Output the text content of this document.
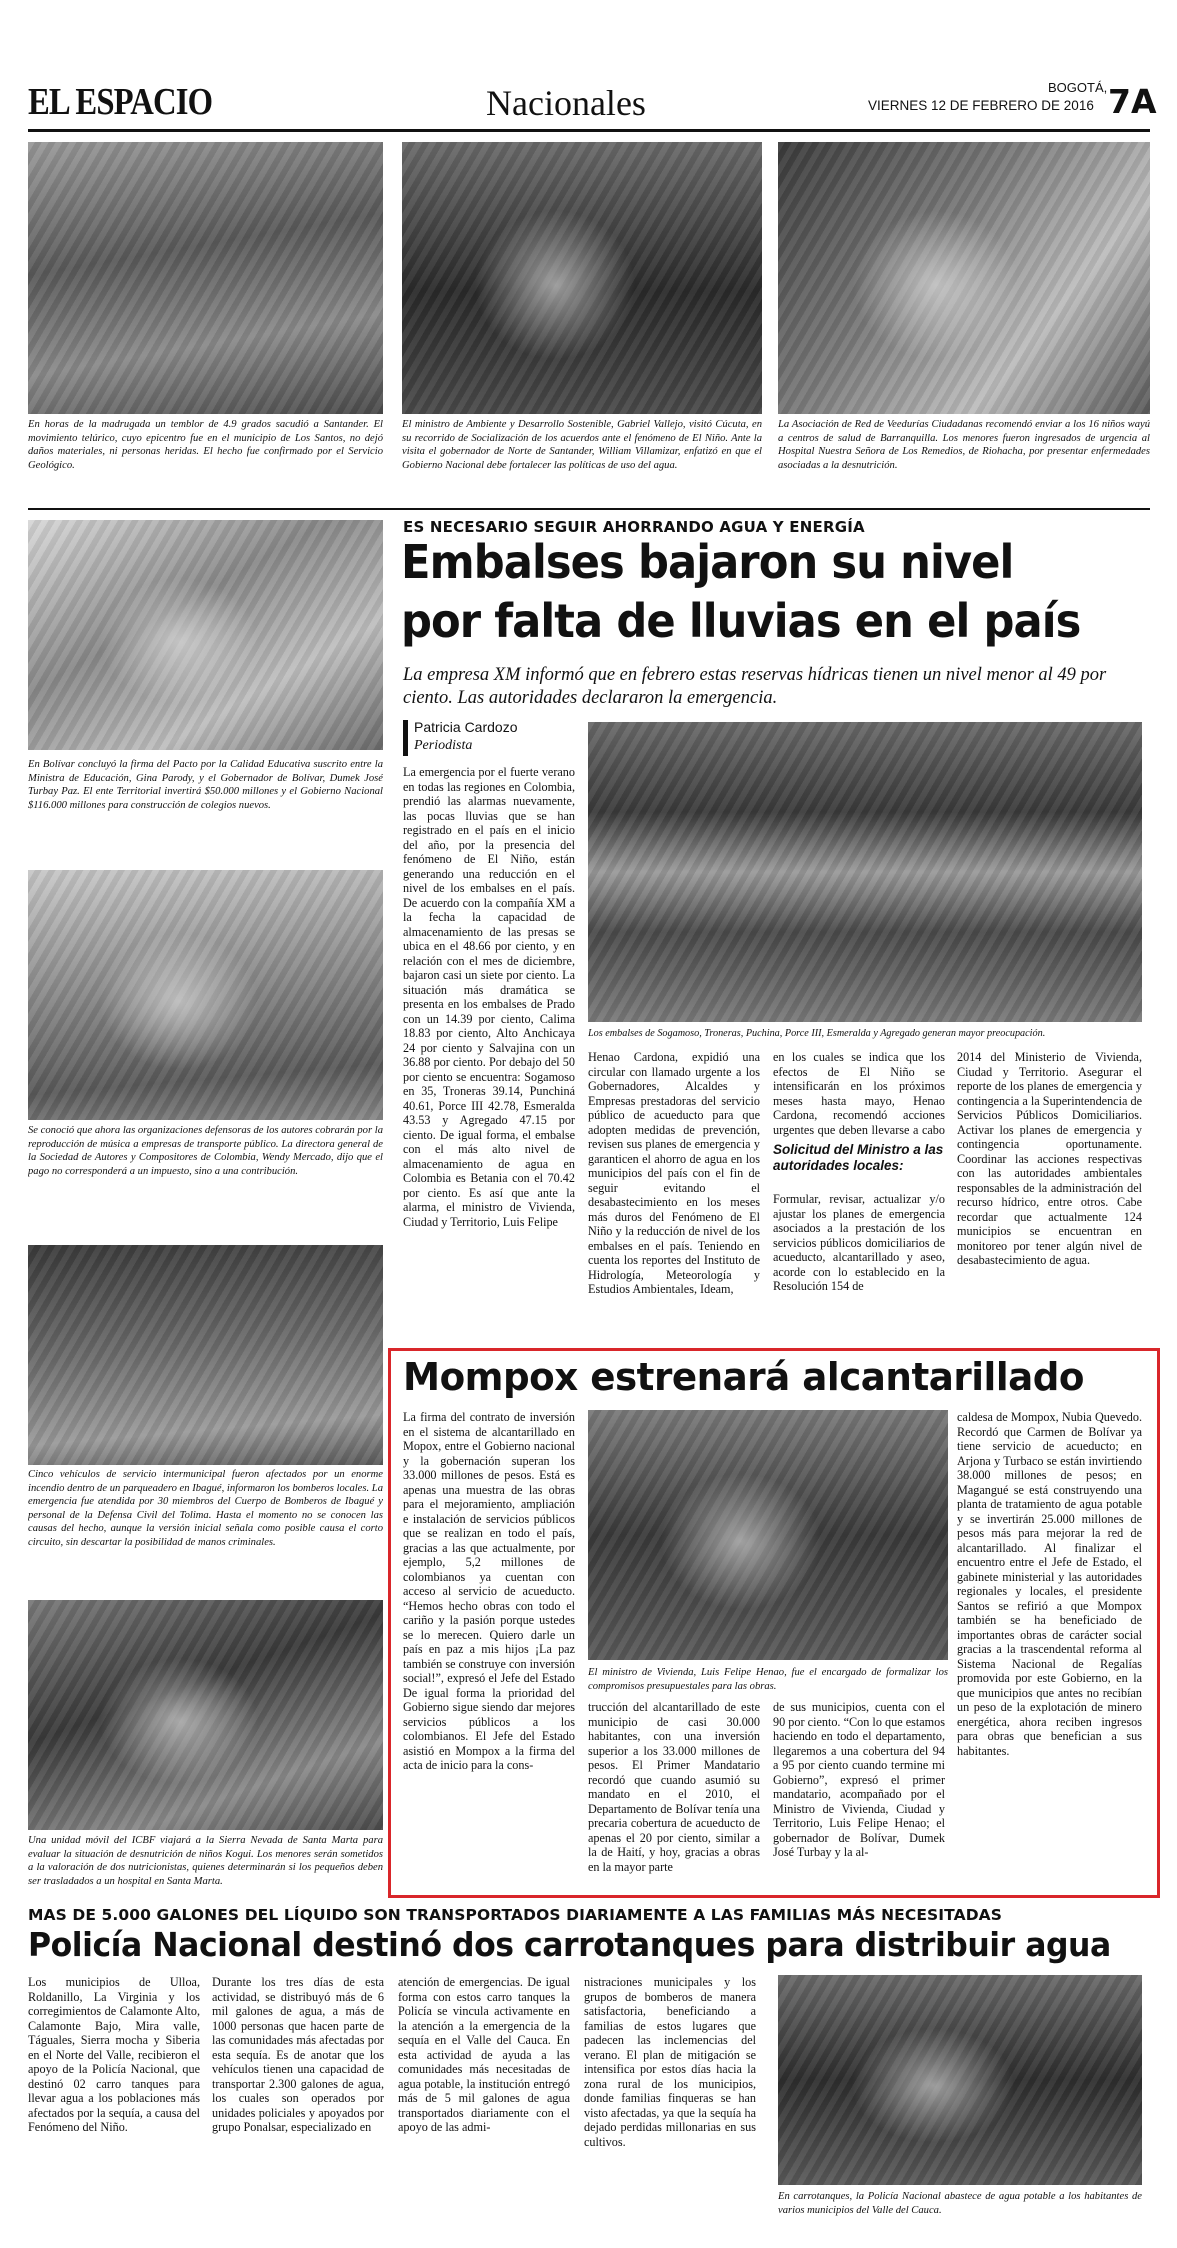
EL ESPACIO	Nacionales	BOGOTÁ,
VIERNES 12 DE FEBRERO DE 2016 7A
En horas de la madrugada un temblor de 4.9 grados sacudió a Santander. El movimiento telúrico, cuyo epicentro fue en el municipio de Los Santos, no dejó daños materiales, ni personas heridas. El hecho fue confirmado por el Servicio Geológico.
El ministro de Ambiente y Desarrollo Sostenible, Gabriel Vallejo, visitó Cúcuta, en su recorrido de Socialización de los acuerdos ante el fenómeno de El Niño. Ante la visita el gobernador de Norte de Santander, William Villamizar, enfatizó en que el Gobierno Nacional debe fortalecer las políticas de uso del agua.
La Asociación de Red de Veedurías Ciudadanas recomendó enviar a los 16 niños wayú a centros de salud de Barranquilla. Los menores fueron ingresados de urgencia al Hospital Nuestra Señora de Los Remedios, de Riohacha, por presentar enfermedades asociadas a la desnutrición.
En Bolívar concluyó la firma del Pacto por la Calidad Educativa suscrito entre la Ministra de Educación, Gina Parody, y el Gobernador de Bolívar, Dumek José Turbay Paz. El ente Territorial invertirá $50.000 millones y el Gobierno Nacional $116.000 millones para construcción de colegios nuevos.
Se conoció que ahora las organizaciones defensoras de los autores cobrarán por la reproducción de música a empresas de transporte público. La directora general de la Sociedad de Autores y Compositores de Colombia, Wendy Mercado, dijo que el pago no corresponderá a un impuesto, sino a una contribución.
Cinco vehículos de servicio intermunicipal fueron afectados por un enorme incendio dentro de un parqueadero en Ibagué, informaron los bomberos locales. La emergencia fue atendida por 30 miembros del Cuerpo de Bomberos de Ibagué y personal de la Defensa Civil del Tolima. Hasta el momento no se conocen las causas del hecho, aunque la versión inicial señala como posible causa el corto circuito, sin descartar la posibilidad de manos criminales.
Una unidad móvil del ICBF viajará a la Sierra Nevada de Santa Marta para evaluar la situación de desnutrición de niños Kogui. Los menores serán sometidos a la valoración de dos nutricionistas, quienes determinarán si los pequeños deben ser trasladados a un hospital en Santa Marta.
ES NECESARIO SEGUIR AHORRANDO AGUA Y ENERGÍA
Embalses bajaron su nivel
por falta de lluvias en el país
La empresa XM informó que en febrero estas reservas hídricas tienen un nivel menor al 49 por ciento. Las autoridades declararon la emergencia.
Patricia Cardozo
Periodista
Los embalses de Sogamoso, Troneras, Puchina, Porce III, Esmeralda y Agregado generan mayor preocupación.
La emergencia por el fuerte verano en todas las regiones en Colombia, prendió las alarmas nuevamente, las pocas lluvias que se han registrado en el país en el inicio del año, por la presencia del fenómeno de El Niño, están generando una reducción en el nivel de los embalses en el país. De acuerdo con la compañía XM a la fecha la capacidad de almacenamiento de las presas se ubica en el 48.66 por ciento, y en relación con el mes de diciembre, bajaron casi un siete por ciento. La situación más dramática se presenta en los embalses de Prado con un 14.39 por ciento, Calima 18.83 por ciento, Alto Anchicaya 24 por ciento y Salvajina con un 36.88 por ciento. Por debajo del 50 por ciento se encuentra: Sogamoso en 35, Troneras 39.14, Punchiná 40.61, Porce III 42.78, Esmeralda 43.53 y Agregado 47.15 por ciento. De igual forma, el embalse con el más alto nivel de almacenamiento de agua en Colombia es Betania con el 70.42 por ciento. Es así que ante la alarma, el ministro de Vivienda, Ciudad y Territorio, Luis Felipe
Henao Cardona, expidió una circular con llamado urgente a los Gobernadores, Alcaldes y Empresas prestadoras del servicio público de acueducto para que adopten medidas de prevención, revisen sus planes de emergencia y garanticen el ahorro de agua en los municipios del país con el fin de seguir evitando el desabastecimiento en los meses más duros del Fenómeno de El Niño y la reducción de nivel de los embalses en el país. Teniendo en cuenta los reportes del Instituto de Hidrología, Meteorología y Estudios Ambientales, Ideam,
en los cuales se indica que los efectos de El Niño se intensificarán en los próximos meses hasta mayo, Henao Cardona, recomendó acciones urgentes que deben llevarse a cabo
Solicitud del Ministro a las autoridades locales:
Formular, revisar, actualizar y/o ajustar los planes de emergencia asociados a la prestación de los servicios públicos domiciliarios de acueducto, alcantarillado y aseo, acorde con lo establecido en la Resolución 154 de
2014 del Ministerio de Vivienda, Ciudad y Territorio. Asegurar el reporte de los planes de emergencia y contingencia a la Superintendencia de Servicios Públicos Domiciliarios. Activar los planes de emergencia y contingencia oportunamente. Coordinar las acciones respectivas con las autoridades ambientales responsables de la administración del recurso hídrico, entre otros. Cabe recordar que actualmente 124 municipios se encuentran en monitoreo por tener algún nivel de desabastecimiento de agua.
Mompox estrenará alcantarillado
La firma del contrato de inversión en el sistema de alcantarillado en Mopox, entre el Gobierno nacional y la gobernación superan los 33.000 millones de pesos. Está es apenas una muestra de las obras para el mejoramiento, ampliación e instalación de servicios públicos que se realizan en todo el país, gracias a las que actualmente, por ejemplo, 5,2 millones de colombianos ya cuentan con acceso al servicio de acueducto. “Hemos hecho obras con todo el cariño y la pasión porque ustedes se lo merecen. Quiero darle un país en paz a mis hijos ¡La paz también se construye con inversión social!”, expresó el Jefe del Estado De igual forma la prioridad del Gobierno sigue siendo dar mejores servicios públicos a los colombianos. El Jefe del Estado asistió en Mompox a la firma del acta de inicio para la cons-
El ministro de Vivienda, Luis Felipe Henao, fue el encargado de formalizar los compromisos presupuestales para las obras.
trucción del alcantarillado de este municipio de casi 30.000 habitantes, con una inversión superior a los 33.000 millones de pesos. El Primer Mandatario recordó que cuando asumió su mandato en el 2010, el Departamento de Bolívar tenía una precaria cobertura de acueducto de apenas el 20 por ciento, similar a la de Haití, y hoy, gracias a obras en la mayor parte
de sus municipios, cuenta con el 90 por ciento. “Con lo que estamos haciendo en todo el departamento, llegaremos a una cobertura del 94 a 95 por ciento cuando termine mi Gobierno”, expresó el primer mandatario, acompañado por el Ministro de Vivienda, Ciudad y Territorio, Luis Felipe Henao; el gobernador de Bolívar, Dumek José Turbay y la al-
caldesa de Mompox, Nubia Quevedo. Recordó que Carmen de Bolívar ya tiene servicio de acueducto; en Arjona y Turbaco se están invirtiendo 38.000 millones de pesos; en Magangué se está construyendo una planta de tratamiento de agua potable y se invertirán 25.000 millones de pesos más para mejorar la red de alcantarillado. Al finalizar el encuentro entre el Jefe de Estado, el gabinete ministerial y las autoridades regionales y locales, el presidente Santos se refirió a que Mompox también se ha beneficiado de importantes obras de carácter social gracias a la trascendental reforma al Sistema Nacional de Regalías promovida por este Gobierno, en la que municipios que antes no recibían un peso de la explotación de minero energética, ahora reciben ingresos para obras que benefician a sus habitantes.
MAS DE 5.000 GALONES DEL LÍQUIDO SON TRANSPORTADOS DIARIAMENTE A LAS FAMILIAS MÁS NECESITADAS
Policía Nacional destinó dos carrotanques para distribuir agua
Los municipios de Ulloa, Roldanillo, La Virginia y los corregimientos de Calamonte Alto, Calamonte Bajo, Mira valle, Táguales, Sierra mocha y Siberia en el Norte del Valle, recibieron el apoyo de la Policía Nacional, que destinó 02 carro tanques para llevar agua a los poblaciones más afectados por la sequía, a causa del Fenómeno del Niño.
Durante los tres días de esta actividad, se distribuyó más de 6 mil galones de agua, a más de 1000 personas que hacen parte de las comunidades más afectadas por esta sequía. Es de anotar que los vehículos tienen una capacidad de transportar 2.300 galones de agua, los cuales son operados por unidades policiales y apoyados por grupo Ponalsar, especializado en
atención de emergencias. De igual forma con estos carro tanques la Policía se vincula activamente en la atención a la emergencia de la sequía en el Valle del Cauca. En esta actividad de ayuda a las comunidades más necesitadas de agua potable, la institución entregó más de 5 mil galones de agua transportados diariamente con el apoyo de las admi-
nistraciones municipales y los grupos de bomberos de manera satisfactoria, beneficiando a familias de estos lugares que padecen las inclemencias del verano. El plan de mitigación se intensifica por estos días hacia la zona rural de los municipios, donde familias finqueras se han visto afectadas, ya que la sequía ha dejado perdidas millonarias en sus cultivos.
En carrotanques, la Policía Nacional abastece de agua potable a los habitantes de varios municipios del Valle del Cauca.
